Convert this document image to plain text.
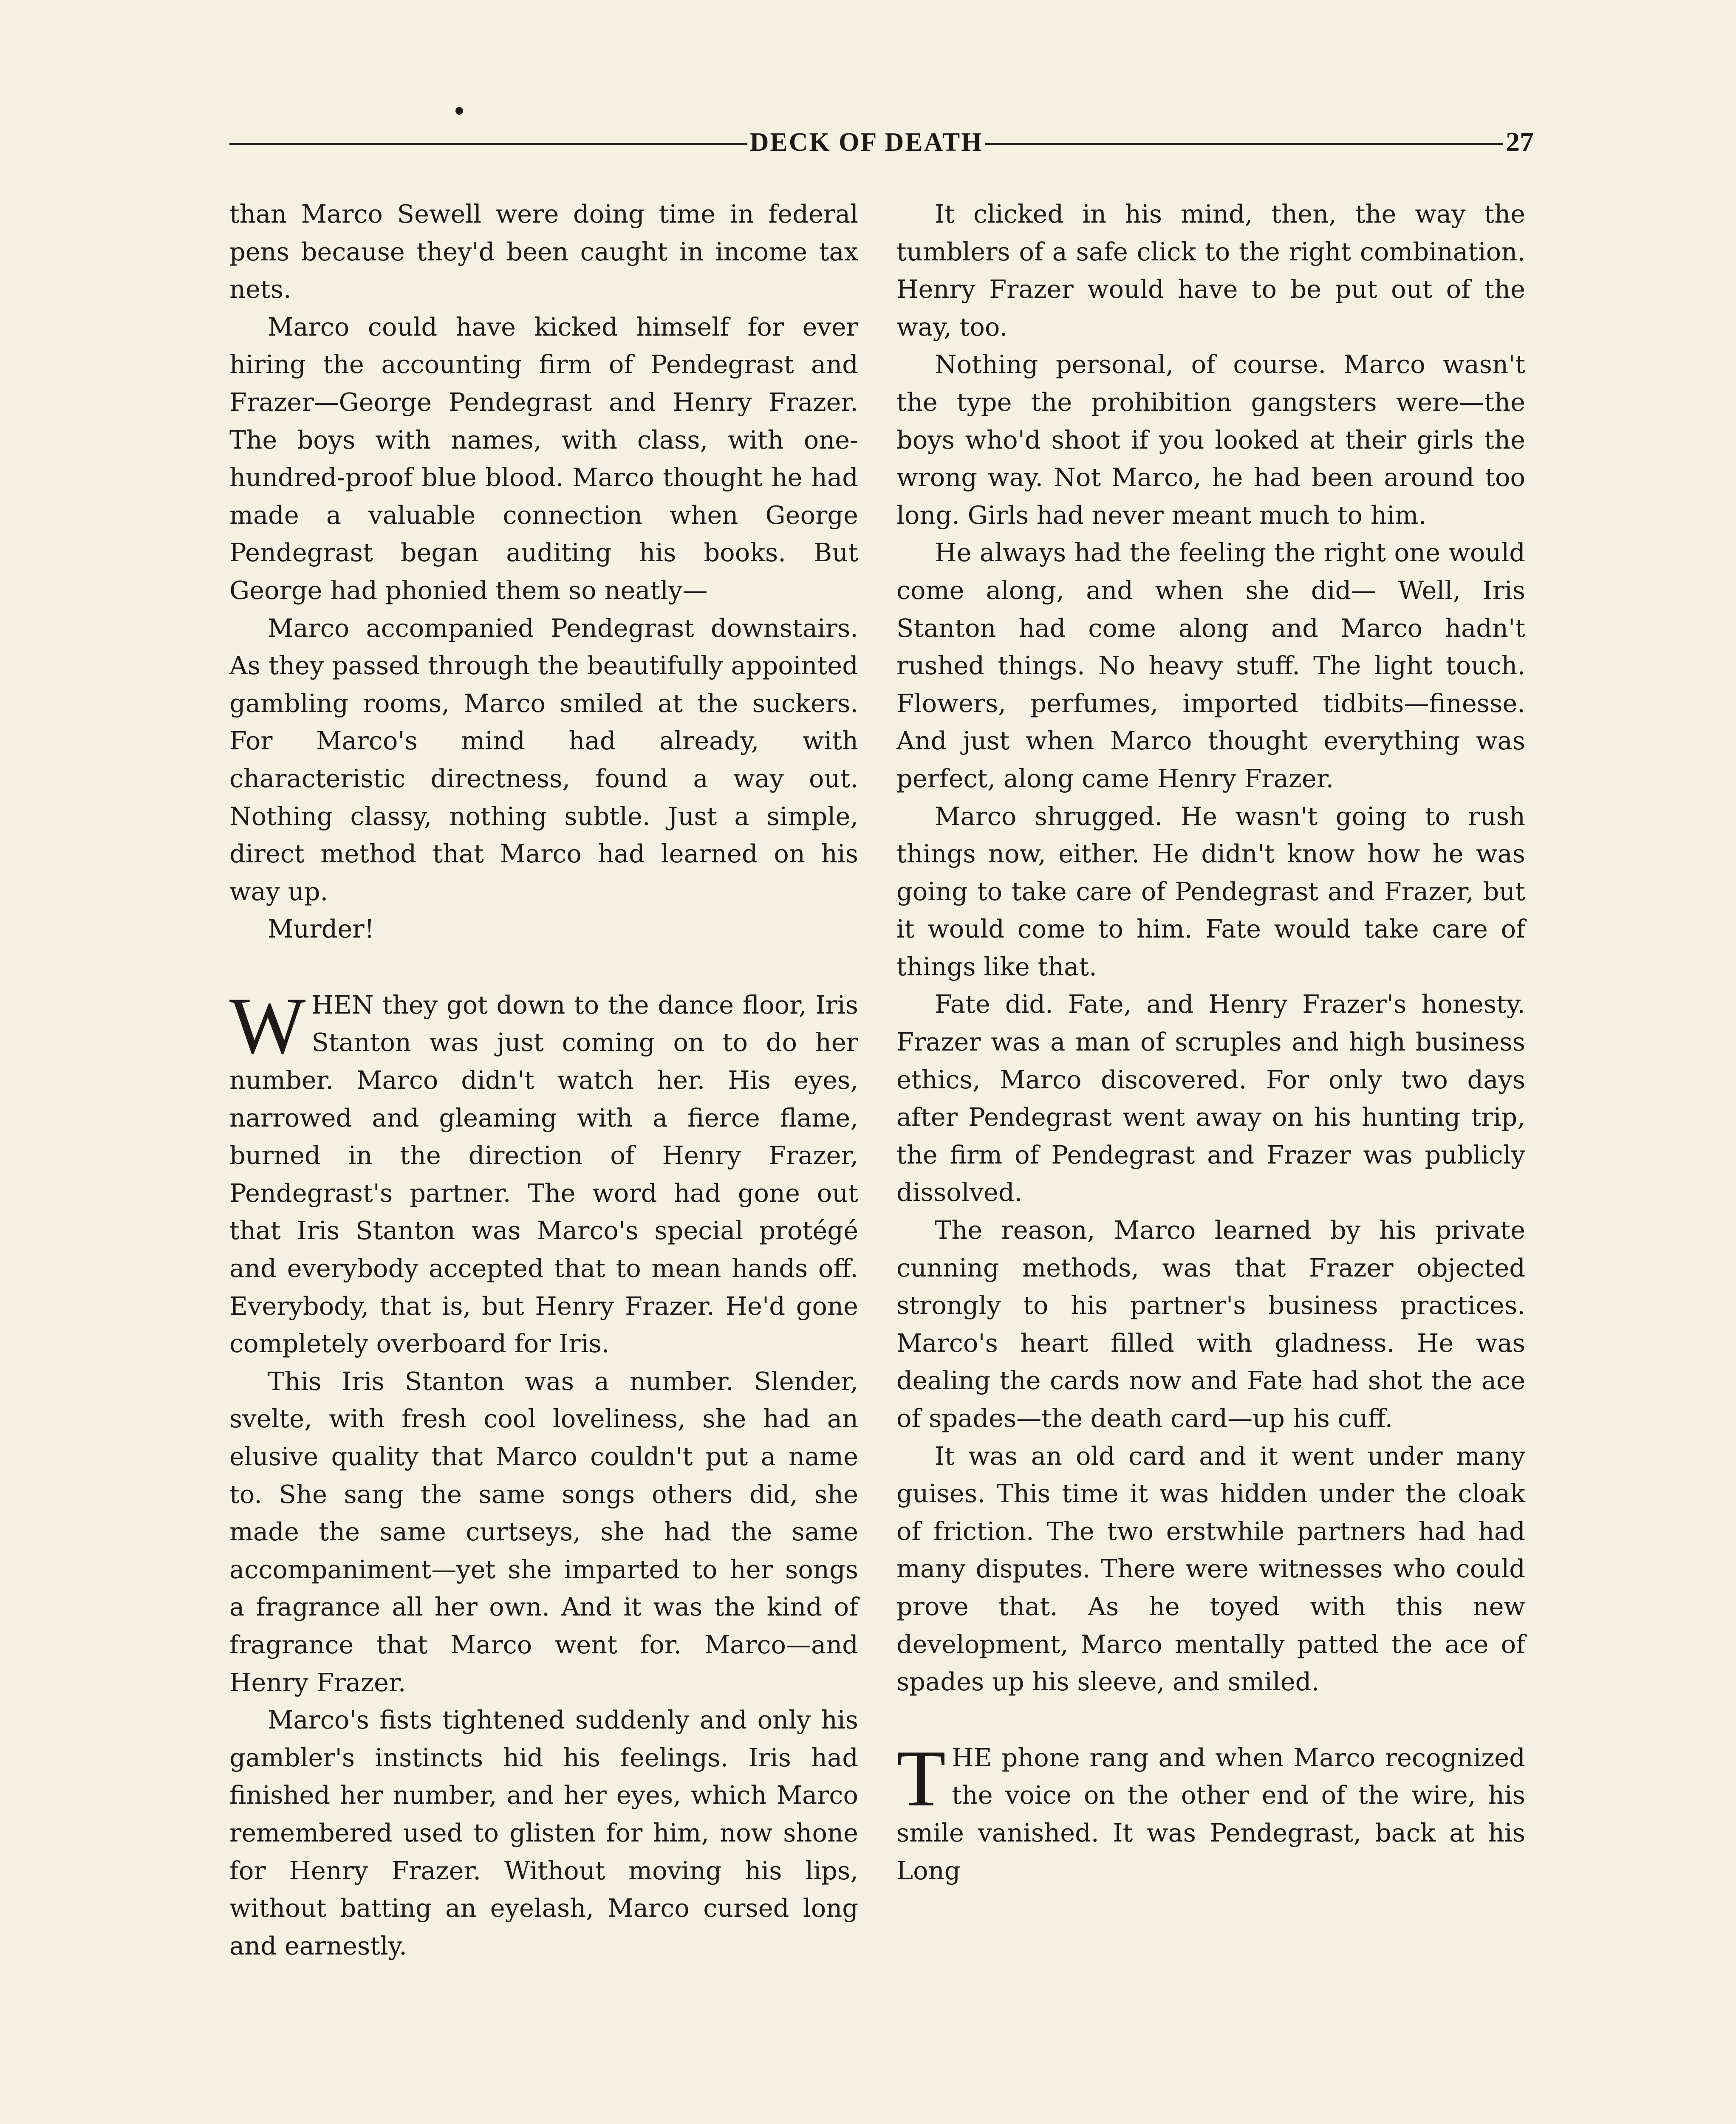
DECK OF DEATH	27

than Marco Sewell were doing time in federal pens because they'd been caught in income tax nets.

Marco could have kicked himself for ever hiring the accounting firm of Pendegrast and Frazer—George Pendegrast and Henry Frazer. The boys with names, with class, with one-hundred-proof blue blood. Marco thought he had made a valuable connection when George Pendegrast began auditing his books. But George had phonied them so neatly—

Marco accompanied Pendegrast downstairs. As they passed through the beautifully appointed gambling rooms, Marco smiled at the suckers. For Marco's mind had already, with characteristic directness, found a way out. Nothing classy, nothing subtle. Just a simple, direct method that Marco had learned on his way up.

Murder!

WHEN they got down to the dance floor, Iris Stanton was just coming on to do her number. Marco didn't watch her. His eyes, narrowed and gleaming with a fierce flame, burned in the direction of Henry Frazer, Pendegrast's partner. The word had gone out that Iris Stanton was Marco's special protégé and everybody accepted that to mean hands off. Everybody, that is, but Henry Frazer. He'd gone completely overboard for Iris.

This Iris Stanton was a number. Slender, svelte, with fresh cool loveliness, she had an elusive quality that Marco couldn't put a name to. She sang the same songs others did, she made the same curtseys, she had the same accompaniment—yet she imparted to her songs a fragrance all her own. And it was the kind of fragrance that Marco went for. Marco—and Henry Frazer.

Marco's fists tightened suddenly and only his gambler's instincts hid his feelings. Iris had finished her number, and her eyes, which Marco remembered used to glisten for him, now shone for Henry Frazer. Without moving his lips, without batting an eyelash, Marco cursed long and earnestly.

It clicked in his mind, then, the way the tumblers of a safe click to the right combination. Henry Frazer would have to be put out of the way, too.

Nothing personal, of course. Marco wasn't the type the prohibition gangsters were—the boys who'd shoot if you looked at their girls the wrong way. Not Marco, he had been around too long. Girls had never meant much to him.

He always had the feeling the right one would come along, and when she did— Well, Iris Stanton had come along and Marco hadn't rushed things. No heavy stuff. The light touch. Flowers, perfumes, imported tidbits—finesse. And just when Marco thought everything was perfect, along came Henry Frazer.

Marco shrugged. He wasn't going to rush things now, either. He didn't know how he was going to take care of Pendegrast and Frazer, but it would come to him. Fate would take care of things like that.

Fate did. Fate, and Henry Frazer's honesty. Frazer was a man of scruples and high business ethics, Marco discovered. For only two days after Pendegrast went away on his hunting trip, the firm of Pendegrast and Frazer was publicly dissolved.

The reason, Marco learned by his private cunning methods, was that Frazer objected strongly to his partner's business practices. Marco's heart filled with gladness. He was dealing the cards now and Fate had shot the ace of spades—the death card—up his cuff.

It was an old card and it went under many guises. This time it was hidden under the cloak of friction. The two erstwhile partners had had many disputes. There were witnesses who could prove that. As he toyed with this new development, Marco mentally patted the ace of spades up his sleeve, and smiled.

THE phone rang and when Marco recognized the voice on the other end of the wire, his smile vanished. It was Pendegrast, back at his Long
